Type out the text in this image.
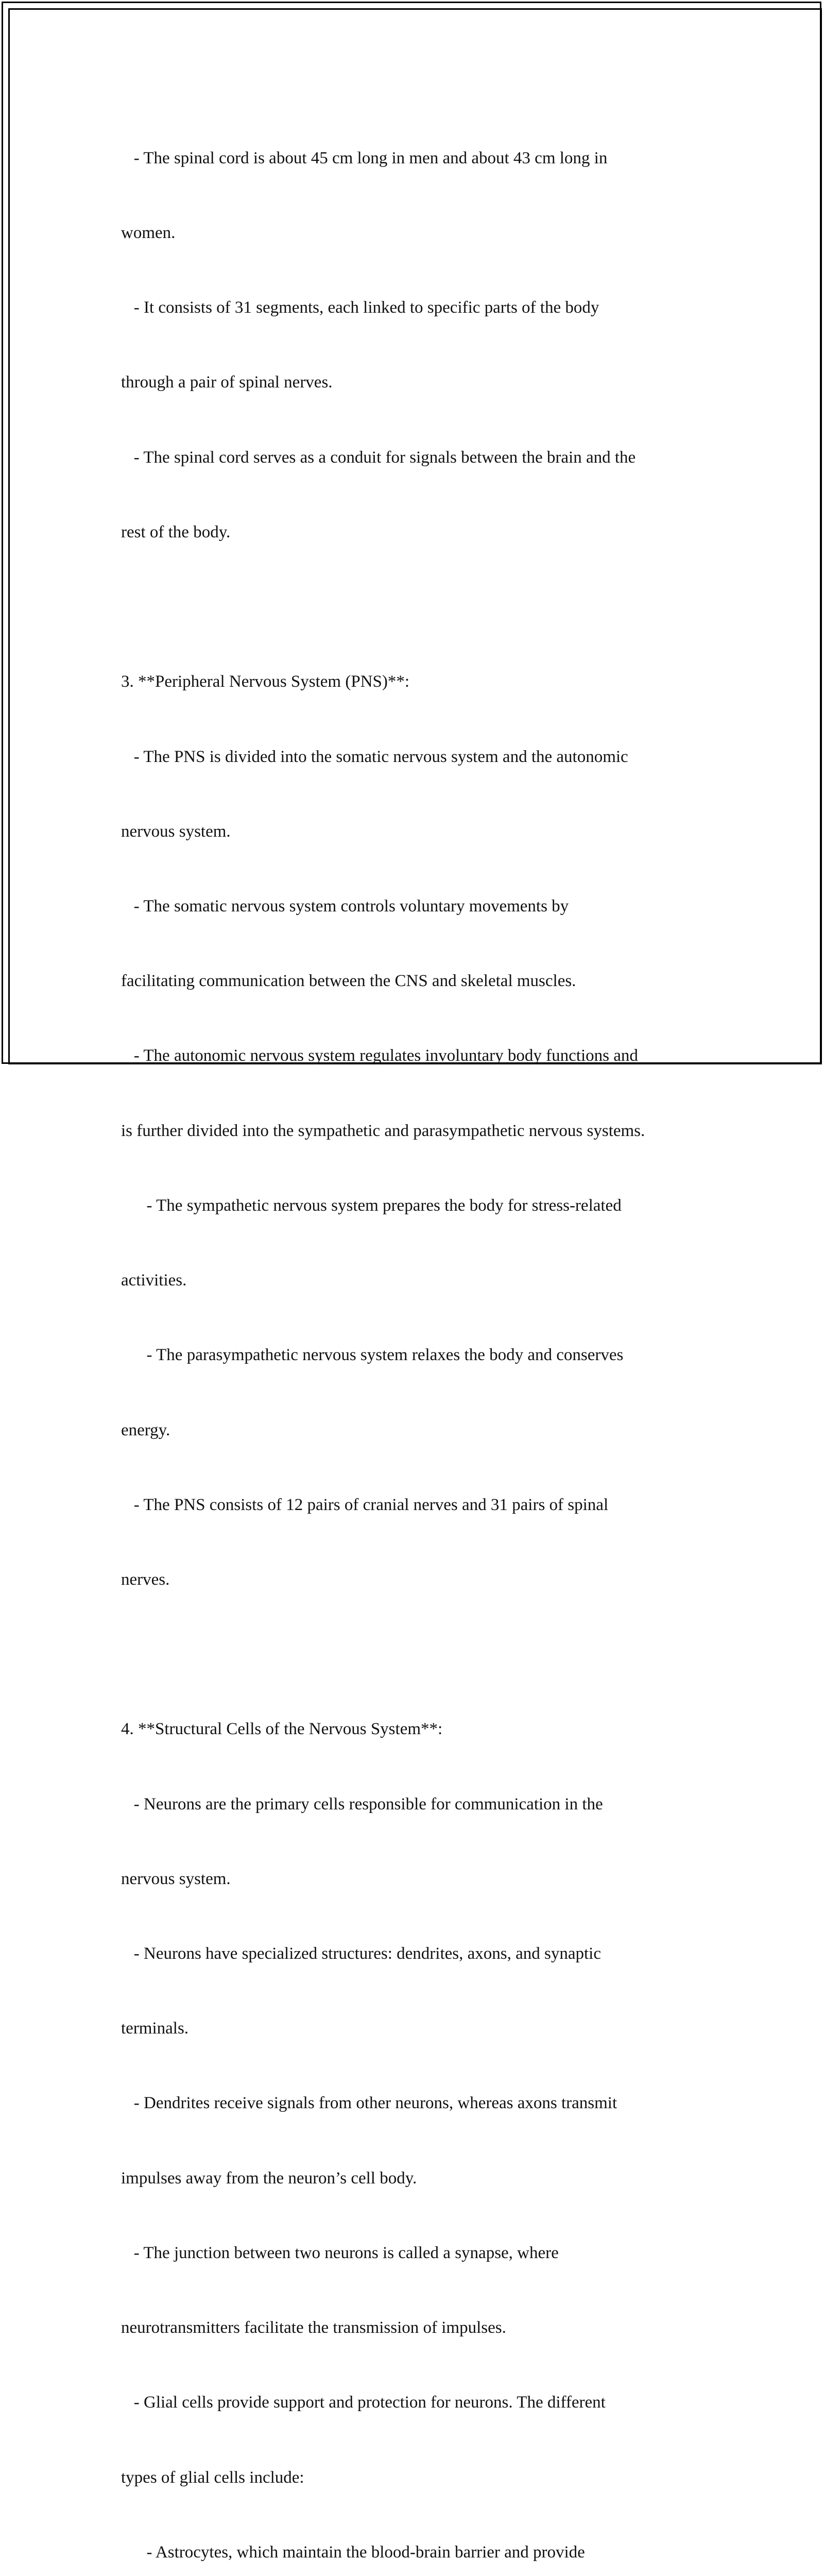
- The spinal cord is about 45 cm long in men and about 43 cm long in

women.

- It consists of 31 segments, each linked to specific parts of the body

through a pair of spinal nerves.

- The spinal cord serves as a conduit for signals between the brain and the

rest of the body.

3. **Peripheral Nervous System (PNS)**:

- The PNS is divided into the somatic nervous system and the autonomic

nervous system.

- The somatic nervous system controls voluntary movements by

facilitating communication between the CNS and skeletal muscles.

- The autonomic nervous system regulates involuntary body functions and

is further divided into the sympathetic and parasympathetic nervous systems.

- The sympathetic nervous system prepares the body for stress-related

activities.

- The parasympathetic nervous system relaxes the body and conserves

energy.

- The PNS consists of 12 pairs of cranial nerves and 31 pairs of spinal

nerves.

4. **Structural Cells of the Nervous System**:

- Neurons are the primary cells responsible for communication in the

nervous system.

- Neurons have specialized structures: dendrites, axons, and synaptic

terminals.

- Dendrites receive signals from other neurons, whereas axons transmit

impulses away from the neuron’s cell body.

- The junction between two neurons is called a synapse, where

neurotransmitters facilitate the transmission of impulses.

- Glial cells provide support and protection for neurons. The different

types of glial cells include:

- Astrocytes, which maintain the blood-brain barrier and provide
